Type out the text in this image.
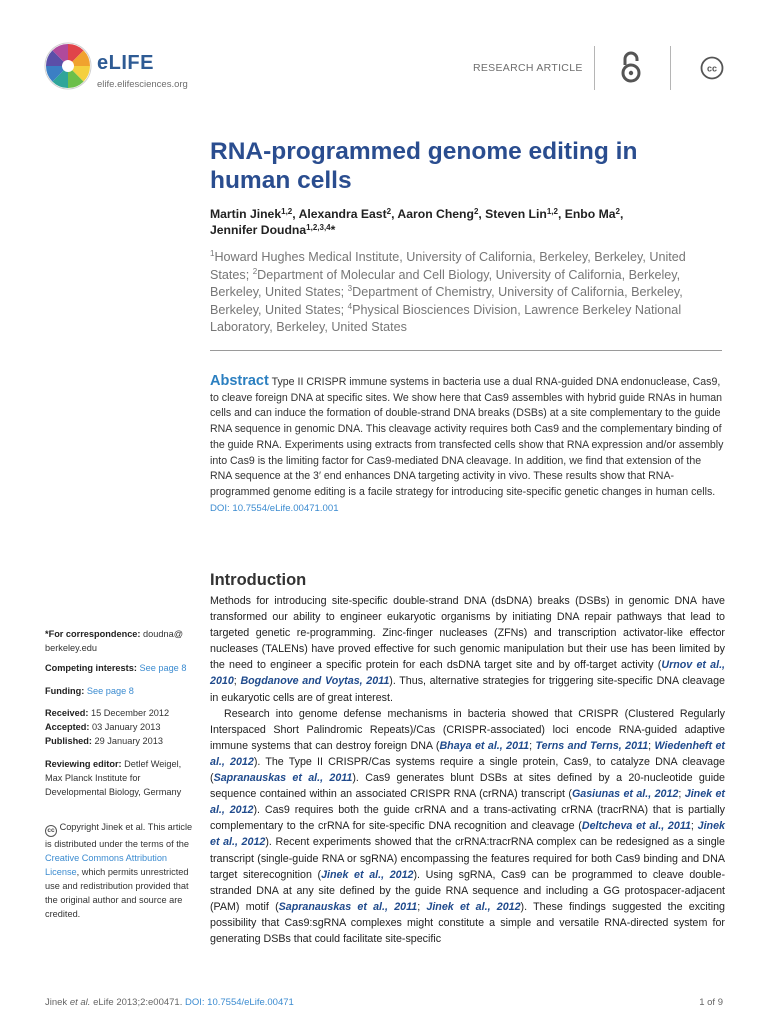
eLIFE
elife.elifesciences.org
RESEARCH ARTICLE	cc
RNA-programmed genome editing in human cells
Martin Jinek$^{1,2}$, Alexandra East$^2$, Aaron Cheng$^2$, Steven Lin$^{1,2}$, Enbo Ma$^2$,
Jennifer Doudna$^{1,2,3,4}$*
$^1$Howard Hughes Medical Institute, University of California, Berkeley, Berkeley, United States; $^2$Department of Molecular and Cell Biology, University of California, Berkeley, Berkeley, United States; $^3$Department of Chemistry, University of California, Berkeley, Berkeley, United States; $^4$Physical Biosciences Division, Lawrence Berkeley National Laboratory, Berkeley, United States
Abstract Type II CRISPR immune systems in bacteria use a dual RNA-guided DNA endonuclease, Cas9, to cleave foreign DNA at specific sites. We show here that Cas9 assembles with hybrid guide RNAs in human cells and can induce the formation of double-strand DNA breaks (DSBs) at a site complementary to the guide RNA sequence in genomic DNA. This cleavage activity requires both Cas9 and the complementary binding of the guide RNA. Experiments using extracts from transfected cells show that RNA expression and/or assembly into Cas9 is the limiting factor for Cas9-mediated DNA cleavage. In addition, we find that extension of the RNA sequence at the 3′ end enhances DNA targeting activity in vivo. These results show that RNA-programmed genome editing is a facile strategy for introducing site-specific genetic changes in human cells.
DOI: 10.7554/eLife.00471.001
Introduction

Methods for introducing site-specific double-strand DNA (dsDNA) breaks (DSBs) in genomic DNA have transformed our ability to engineer eukaryotic organisms by initiating DNA repair pathways that lead to targeted genetic re-programming. Zinc-finger nucleases (ZFNs) and transcription activator-like effector nucleases (TALENs) have proved effective for such genomic manipulation but their use has been limited by the need to engineer a specific protein for each dsDNA target site and by off-target activity (Urnov et al., 2010; Bogdanove and Voytas, 2011). Thus, alternative strategies for triggering site-specific DNA cleavage in eukaryotic cells are of great interest.

Research into genome defense mechanisms in bacteria showed that CRISPR (Clustered Regularly Interspaced Short Palindromic Repeats)/Cas (CRISPR-associated) loci encode RNA-guided adaptive immune systems that can destroy foreign DNA (Bhaya et al., 2011; Terns and Terns, 2011; Wiedenheft et al., 2012). The Type II CRISPR/Cas systems require a single protein, Cas9, to catalyze DNA cleavage (Sapranauskas et al., 2011). Cas9 generates blunt DSBs at sites defined by a 20-nucleotide guide sequence contained within an associated CRISPR RNA (crRNA) transcript (Gasiunas et al., 2012; Jinek et al., 2012). Cas9 requires both the guide crRNA and a trans-activating crRNA (tracrRNA) that is partially complementary to the crRNA for site-specific DNA recognition and cleavage (Deltcheva et al., 2011; Jinek et al., 2012). Recent experiments showed that the crRNA:tracrRNA complex can be redesigned as a single transcript (single-guide RNA or sgRNA) encompassing the features required for both Cas9 binding and DNA target siterecognition (Jinek et al., 2012). Using sgRNA, Cas9 can be programmed to cleave double-stranded DNA at any site defined by the guide RNA sequence and including a GG protospacer-adjacent (PAM) motif (Sapranauskas et al., 2011; Jinek et al., 2012). These findings suggested the exciting possibility that Cas9:sgRNA complexes might constitute a simple and versatile RNA-directed system for generating DSBs that could facilitate site-specific

*For correspondence: doudna@ berkeley.edu
Competing interests: See page 8
Funding: See page 8
Received: 15 December 2012
Accepted: 03 January 2013
Published: 29 January 2013
Reviewing editor: Detlef Weigel, Max Planck Institute for Developmental Biology, Germany
cc Copyright Jinek et al. This article is distributed under the terms of the Creative Commons Attribution License, which permits unrestricted use and redistribution provided that the original author and source are credited.
Jinek et al. eLife 2013;2:e00471. DOI: 10.7554/eLife.00471	1 of 9
